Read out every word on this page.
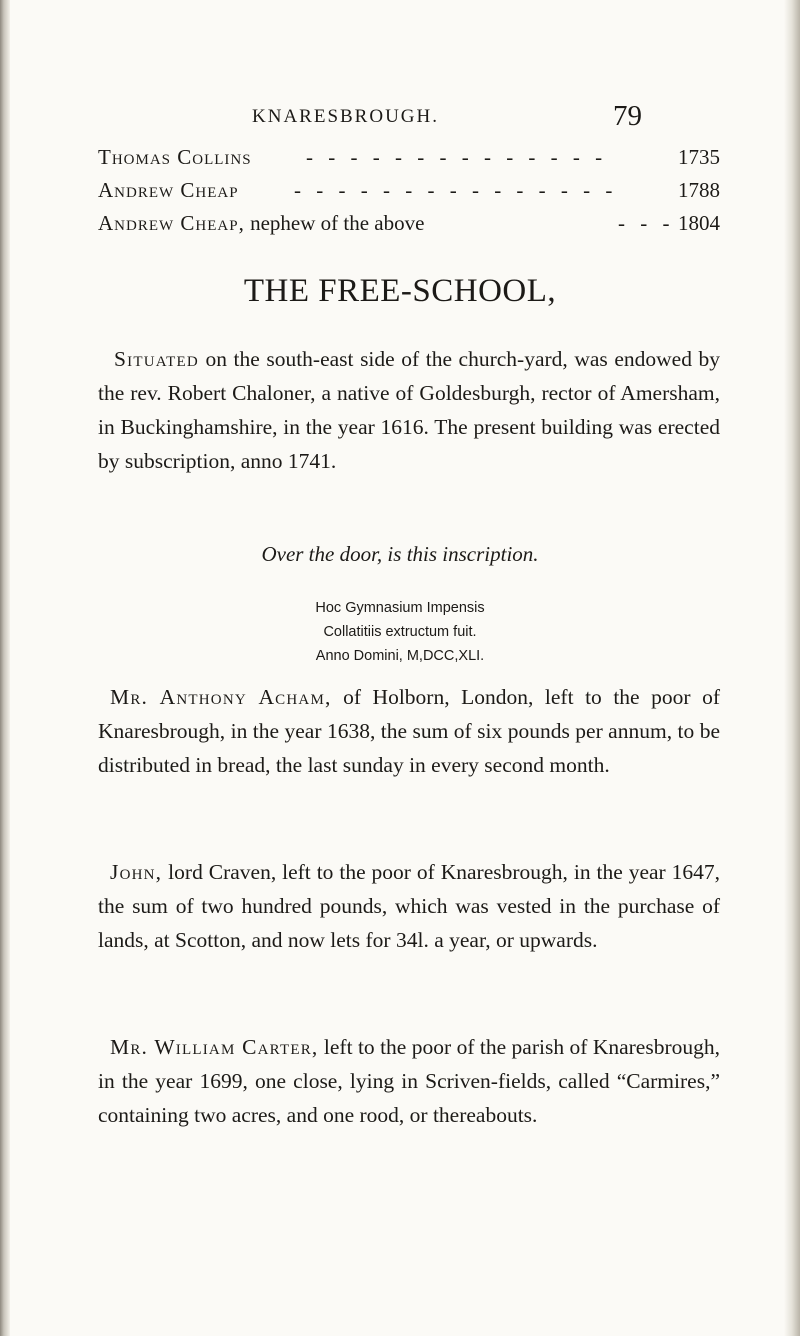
KNARESBROUGH.	79
Thomas Collins	- - - - - - - - - - - - - -	1735
Andrew Cheap	- - - - - - - - - - - - - - -	1788
Andrew Cheap, nephew of the above	- - - 1804
THE FREE-SCHOOL,
Situated on the south-east side of the church-yard, was endowed by the rev. Robert Chaloner, a native of Goldesburgh, rector of Amersham, in Buckinghamshire, in the year 1616. The present building was erected by subscription, anno 1741.
Over the door, is this inscription.
Hoc Gymnasium Impensis
Collatitiis extructum fuit.
Anno Domini, M,DCC,XLI.
Mr. Anthony Acham, of Holborn, London, left to the poor of Knaresbrough, in the year 1638, the sum of six pounds per annum, to be distributed in bread, the last sunday in every second month.
John, lord Craven, left to the poor of Knaresbrough, in the year 1647, the sum of two hundred pounds, which was vested in the purchase of lands, at Scotton, and now lets for 34l. a year, or upwards.
Mr. William Carter, left to the poor of the parish of Knaresbrough, in the year 1699, one close, lying in Scriven-fields, called “Carmires,” containing two acres, and one rood, or thereabouts.
